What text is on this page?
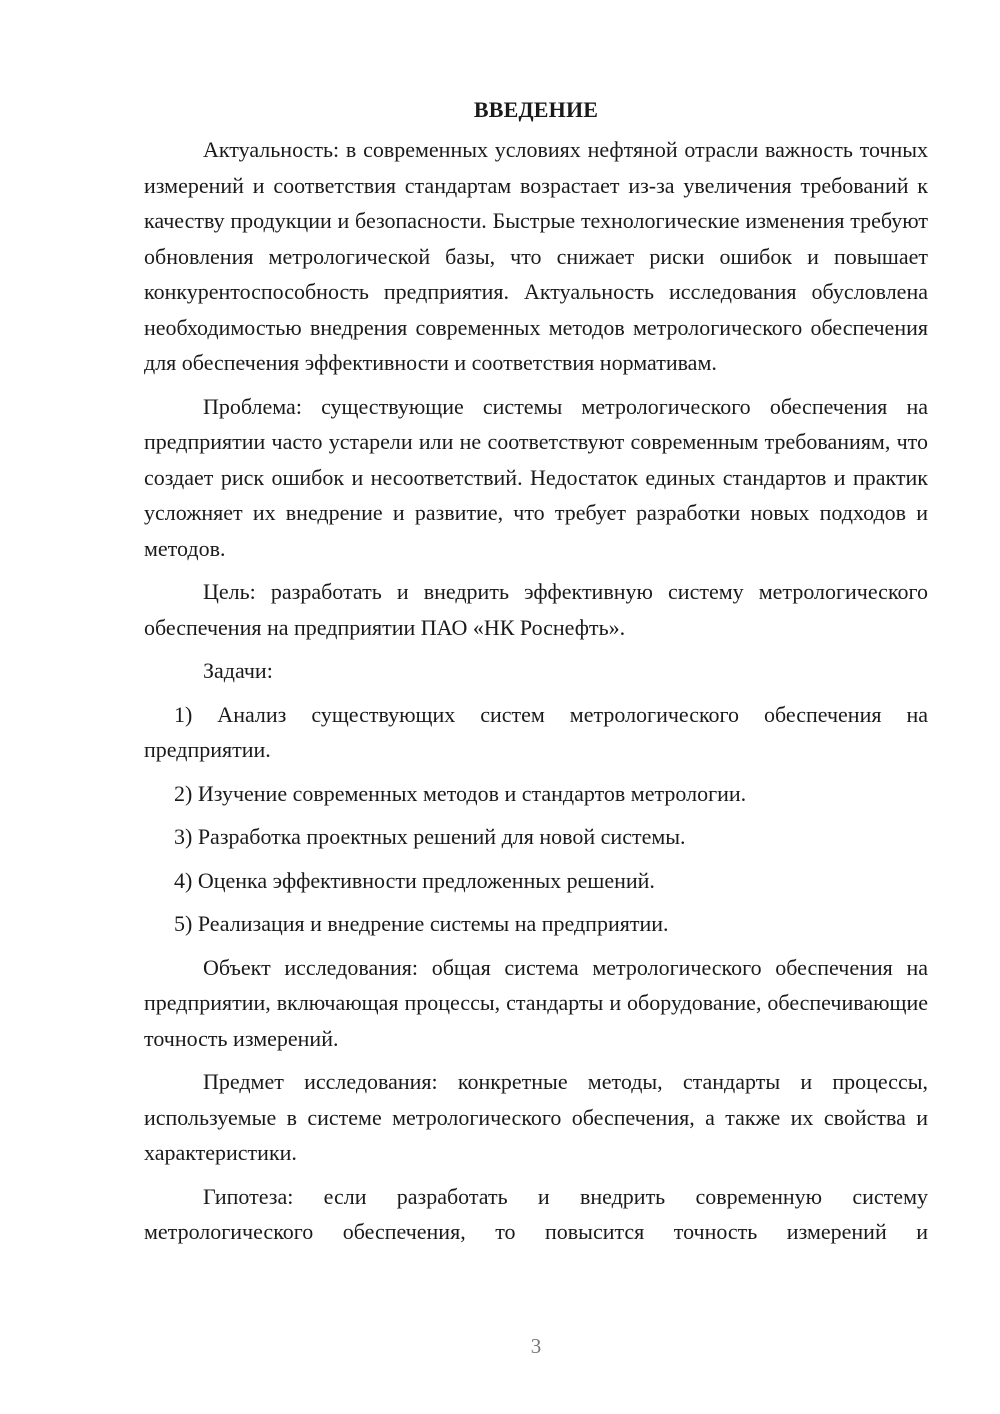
ВВЕДЕНИЕ

Актуальность: в современных условиях нефтяной отрасли важность точных измерений и соответствия стандартам возрастает из-за увеличения требований к качеству продукции и безопасности. Быстрые технологические изменения требуют обновления метрологической базы, что снижает риски ошибок и повышает конкурентоспособность предприятия. Актуальность исследования обусловлена необходимостью внедрения современных методов метрологического обеспечения для обеспечения эффективности и соответствия нормативам.

Проблема: существующие системы метрологического обеспечения на предприятии часто устарели или не соответствуют современным требованиям, что создает риск ошибок и несоответствий. Недостаток единых стандартов и практик усложняет их внедрение и развитие, что требует разработки новых подходов и методов.

Цель: разработать и внедрить эффективную систему метрологического обеспечения на предприятии ПАО «НК Роснефть».

Задачи:

1) Анализ существующих систем метрологического обеспечения на предприятии.

2) Изучение современных методов и стандартов метрологии.

3) Разработка проектных решений для новой системы.

4) Оценка эффективности предложенных решений.

5) Реализация и внедрение системы на предприятии.

Объект исследования: общая система метрологического обеспечения на предприятии, включающая процессы, стандарты и оборудование, обеспечивающие точность измерений.

Предмет исследования: конкретные методы, стандарты и процессы, используемые в системе метрологического обеспечения, а также их свойства и характеристики.

Гипотеза: если разработать и внедрить современную систему метрологического обеспечения, то повысится точность измерений и

3
